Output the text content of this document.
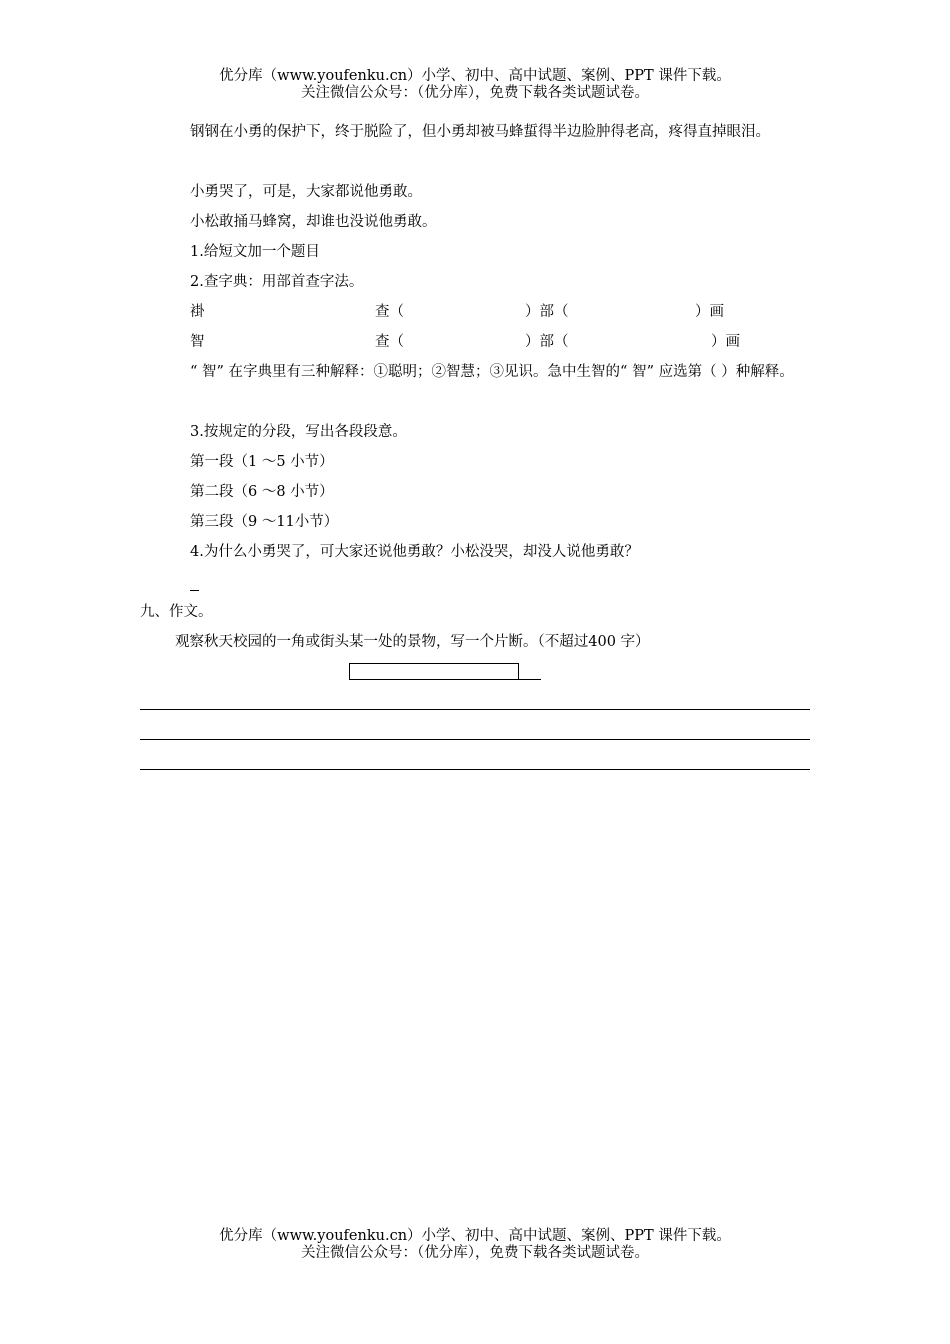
优分库（www.youfenku.cn）小学、初中、高中试题、案例、PPT 课件下载。
关注微信公众号：（优分库），免费下载各类试题试卷。
钢钢在小勇的保护下，终于脱险了，但小勇却被马蜂蜇得半边脸肿得老高，疼得直掉眼泪。
小勇哭了，可是，大家都说他勇敢。
小松敢捅马蜂窝，却谁也没说他勇敢。
1.给短文加一个题目
2.查字典：用部首查字法。
褂	查（	）部（	）画
智	查（	）部（	）画
“ 智” 在字典里有三种解释：①聪明；②智慧；③见识。急中生智的“ 智” 应选第（ ）种解释。
3.按规定的分段，写出各段段意。
第一段（1 ～5 小节）
第二段（6 ～8 小节）
第三段（9 ～11小节）
4.为什么小勇哭了，可大家还说他勇敢？小松没哭，却没人说他勇敢？
九、作文。
观察秋天校园的一角或街头某一处的景物，写一个片断。（不超过400 字）
优分库（www.youfenku.cn）小学、初中、高中试题、案例、PPT 课件下载。
关注微信公众号：（优分库），免费下载各类试题试卷。
